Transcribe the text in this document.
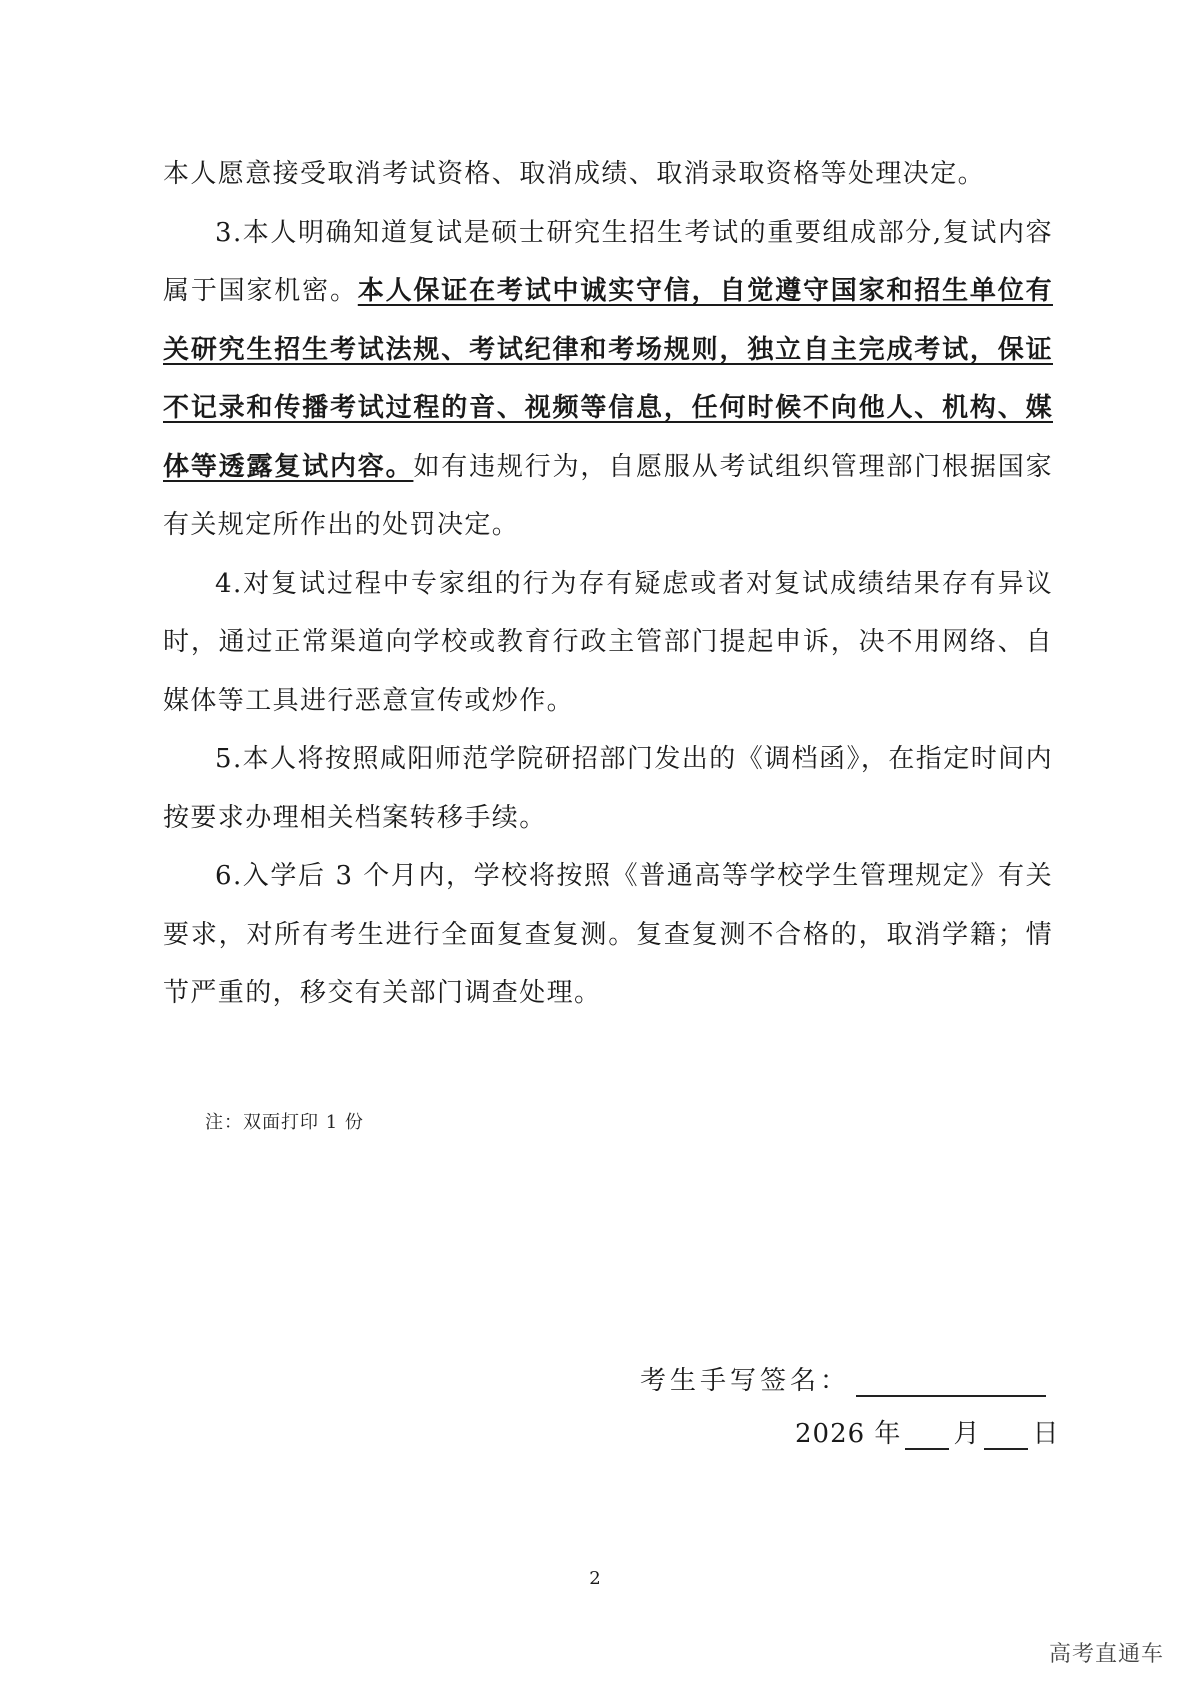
本人愿意接受取消考试资格、取消成绩、取消录取资格等处理决定。

3.本人明确知道复试是硕士研究生招生考试的重要组成部分,复试内容属于国家机密。本人保证在考试中诚实守信，自觉遵守国家和招生单位有关研究生招生考试法规、考试纪律和考场规则，独立自主完成考试，保证不记录和传播考试过程的音、视频等信息，任何时候不向他人、机构、媒体等透露复试内容。如有违规行为，自愿服从考试组织管理部门根据国家有关规定所作出的处罚决定。

4.对复试过程中专家组的行为存有疑虑或者对复试成绩结果存有异议时，通过正常渠道向学校或教育行政主管部门提起申诉，决不用网络、自媒体等工具进行恶意宣传或炒作。

5.本人将按照咸阳师范学院研招部门发出的《调档函》，在指定时间内按要求办理相关档案转移手续。

6.入学后 3 个月内，学校将按照《普通高等学校学生管理规定》有关要求，对所有考生进行全面复查复测。复查复测不合格的，取消学籍；情节严重的，移交有关部门调查处理。

注：双面打印 1 份
考生手写签名：
2026 年 月 日
2
高考直通车
